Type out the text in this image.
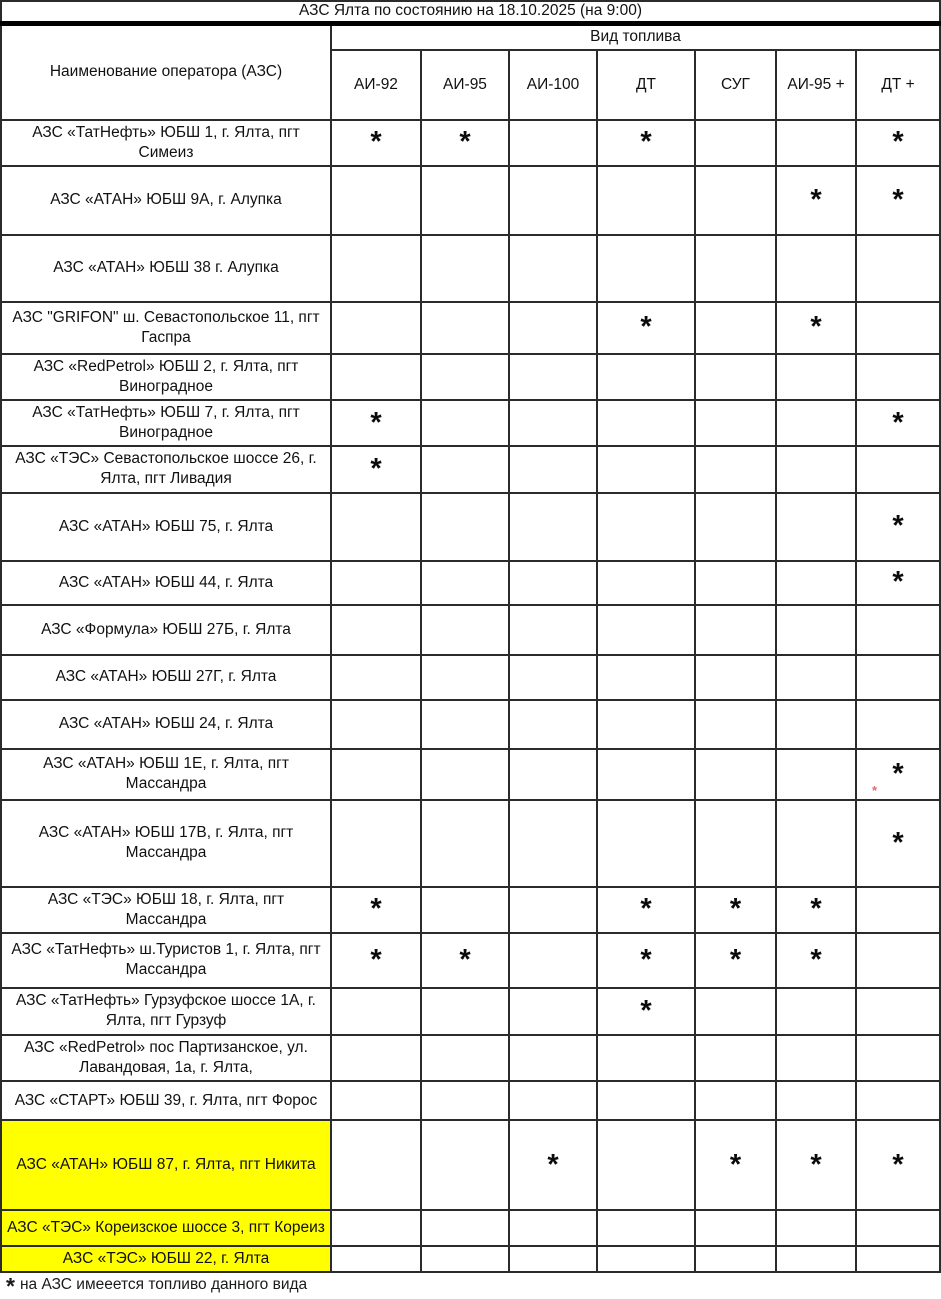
АЗС Ялта по состоянию на 18.10.2025 (на 9:00)							
Наименование оператора (АЗС)	Вид топлива						
	АИ-92	АИ-95	АИ-100	ДТ	СУГ	АИ-95 +	ДТ +
АЗС «ТатНефть» ЮБШ 1, г. Ялта, пгт Симеиз	*	*		*			*
АЗС «АТАН» ЮБШ 9А, г. Алупка						*	*
АЗС «АТАН» ЮБШ 38 г. Алупка							
АЗС "GRIFON" ш. Севастопольское 11, пгт Гаспра				*		*	
АЗС «RedPetrol» ЮБШ 2, г. Ялта, пгт Виноградное							
АЗС «ТатНефть» ЮБШ 7, г. Ялта, пгт Виноградное	*						*
АЗС «ТЭС» Севастопольское шоссе 26, г. Ялта, пгт Ливадия	*						
АЗС «АТАН» ЮБШ 75, г. Ялта							*
АЗС «АТАН» ЮБШ 44, г. Ялта							*
АЗС «Формула» ЮБШ 27Б, г. Ялта							
АЗС «АТАН» ЮБШ 27Г, г. Ялта							
АЗС «АТАН» ЮБШ 24, г. Ялта							
АЗС «АТАН» ЮБШ 1Е, г. Ялта, пгт Массандра							*
*

АЗС «АТАН» ЮБШ 17В, г. Ялта, пгт Массандра							*
АЗС «ТЭС» ЮБШ 18, г. Ялта, пгт Массандра	*			*	*	*	
АЗС «ТатНефть» ш.Туристов 1, г. Ялта, пгт Массандра	*	*		*	*	*	
АЗС «ТатНефть» Гурзуфское шоссе 1А, г. Ялта, пгт Гурзуф				*			
АЗС «RedPetrol» пос Партизанское, ул. Лавандовая, 1а, г. Ялта,							
АЗС «СТАРТ» ЮБШ 39, г. Ялта, пгт Форос							
АЗС «АТАН» ЮБШ 87, г. Ялта, пгт Никита			*		*	*	*
АЗС «ТЭС» Кореизское шоссе 3, пгт Кореиз							
АЗС «ТЭС» ЮБШ 22, г. Ялта							
* на АЗС имееется топливо данного вида
